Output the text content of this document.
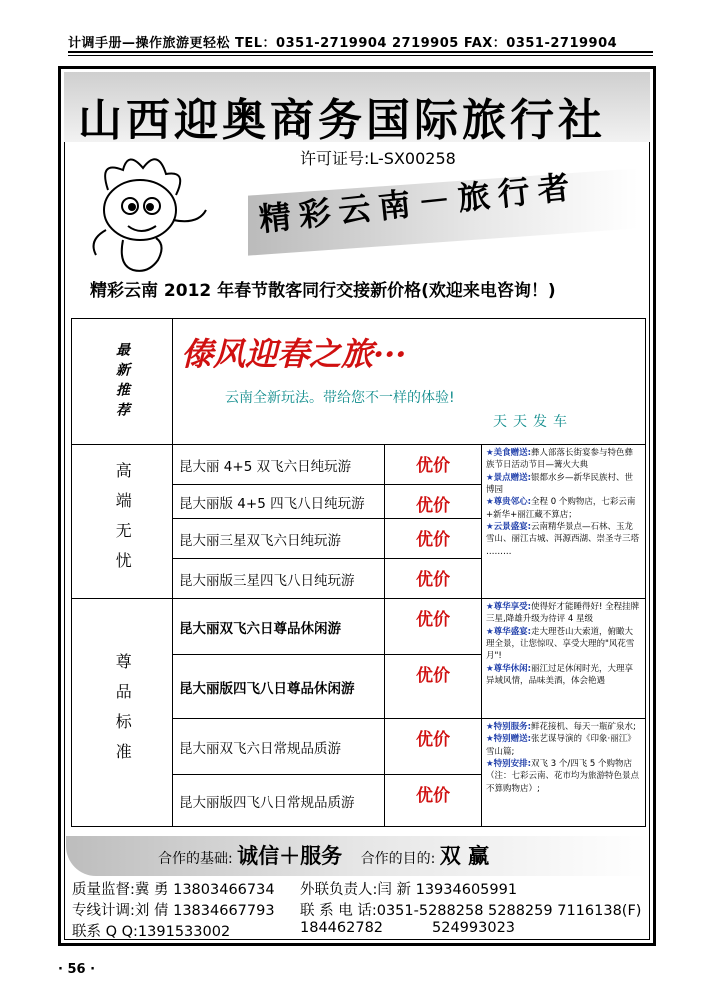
计调手册—操作旅游更轻松 TEL：0351-2719904 2719905 FAX：0351-2719904
山西迎奥商务国际旅行社
许可证号:L-SX00258
精彩云南－旅行者
精彩云南 2012 年春节散客同行交接新价格(欢迎来电咨询！)
最新推荐	傣风迎春之旅···
云南全新玩法。带给您不一样的体验!
天天发车		

高端无忧	昆大丽 4+5 双飞六日纯玩游	优价	★美食赠送:彝人部落长街宴参与特色彝族节日活动节目—篝火大典
★景点赠送:银都水乡—新华民族村、世博园
★尊贵邻心:全程 0 个购物店，七彩云南+新华+丽江藏不算店；
★云景盛宴:云南精华景点—石林、玉龙雪山、丽江古城、洱源西湖、崇圣寺三塔 ………

	昆大丽版 4+5 四飞八日纯玩游	优价	
	昆大丽三星双飞六日纯玩游	优价	
	昆大丽版三星四飞八日纯玩游	优价	

尊品标准	昆大丽双飞六日尊品休闲游	优价	★尊华享受:使得好才能睡得好! 全程挂牌三星,降雄升级为待评 4 星级
★尊华盛宴:走大理苍山大索道，俯瞰大理全景，让您惊叹、享受大理的"风花雪月"!
★尊华休闲:丽江过足休闲时光，大理享异域风情，品味美酒，体会艳遇

	昆大丽版四飞八日尊品休闲游	优价	
	昆大丽双飞六日常规品质游	优价	★特别服务:鲜花接机、每天一瓶矿泉水;
★特别赠送:张艺谋导演的《印象·丽江》雪山篇;
★特别安排:双飞 3 个/四飞 5 个购物店（注：七彩云南、花市均为旅游特色景点不算购物店）;

	昆大丽版四飞八日常规品质游	优价	
合作的基础: 诚信＋服务 合作的目的: 双 赢
质量监督:冀 勇 13803466734 外联负责人:闫 新 13934605991
专线计调:刘 倩 13834667793 联 系 电 话:0351-5288258 5288259 7116138(F)
联系 Q Q:1391533002	184462782	524993023
· 56 ·
